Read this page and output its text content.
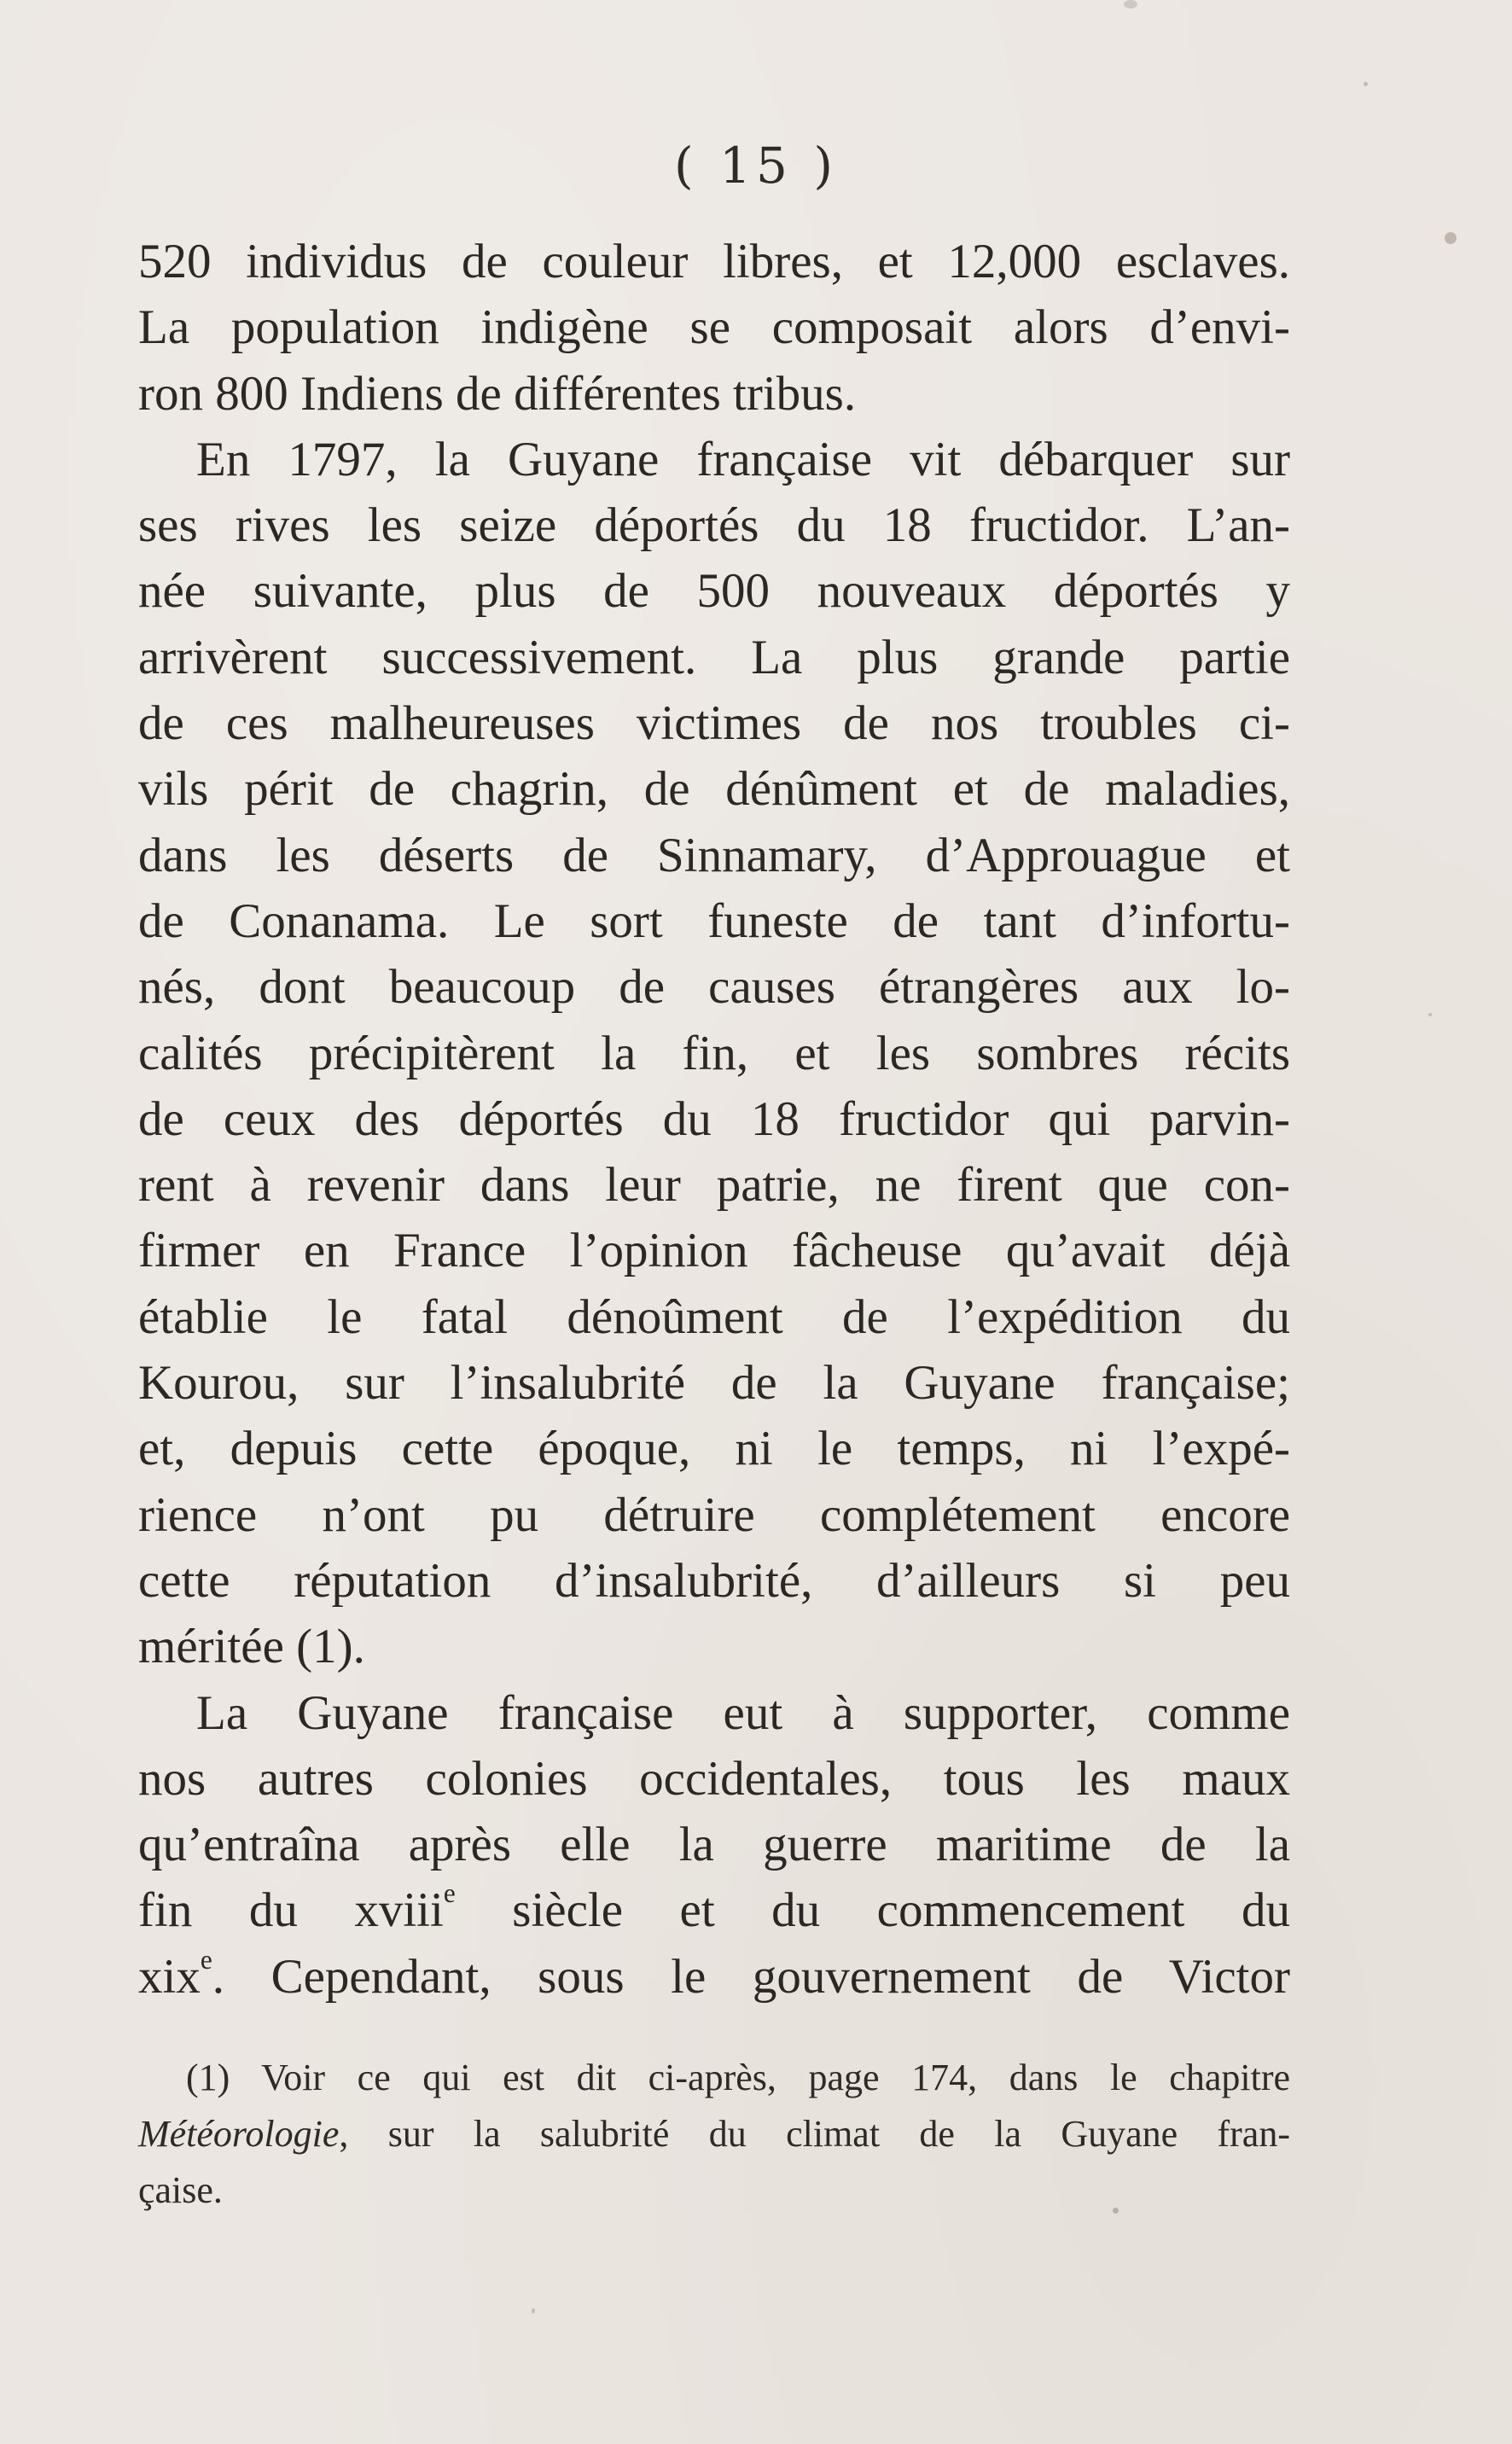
( 15 )
520 individus de couleur libres, et 12,000 esclaves.
La population indigène se composait alors d’envi-
ron 800 Indiens de différentes tribus.
En 1797, la Guyane française vit débarquer sur
ses rives les seize déportés du 18 fructidor. L’an-
née suivante, plus de 500 nouveaux déportés y
arrivèrent successivement. La plus grande partie
de ces malheureuses victimes de nos troubles ci-
vils périt de chagrin, de dénûment et de maladies,
dans les déserts de Sinnamary, d’Approuague et
de Conanama. Le sort funeste de tant d’infortu-
nés, dont beaucoup de causes étrangères aux lo-
calités précipitèrent la fin, et les sombres récits
de ceux des déportés du 18 fructidor qui parvin-
rent à revenir dans leur patrie, ne firent que con-
firmer en France l’opinion fâcheuse qu’avait déjà
établie le fatal dénoûment de l’expédition du
Kourou, sur l’insalubrité de la Guyane française;
et, depuis cette époque, ni le temps, ni l’expé-
rience n’ont pu détruire complétement encore
cette réputation d’insalubrité, d’ailleurs si peu
méritée (1).
La Guyane française eut à supporter, comme
nos autres colonies occidentales, tous les maux
qu’entraîna après elle la guerre maritime de la
fin du xviii$^e$ siècle et du commencement du
xix$^e$. Cependant, sous le gouvernement de Victor
(1) Voir ce qui est dit ci-après, page 174, dans le chapitre
Météorologie, sur la salubrité du climat de la Guyane fran-
çaise.
